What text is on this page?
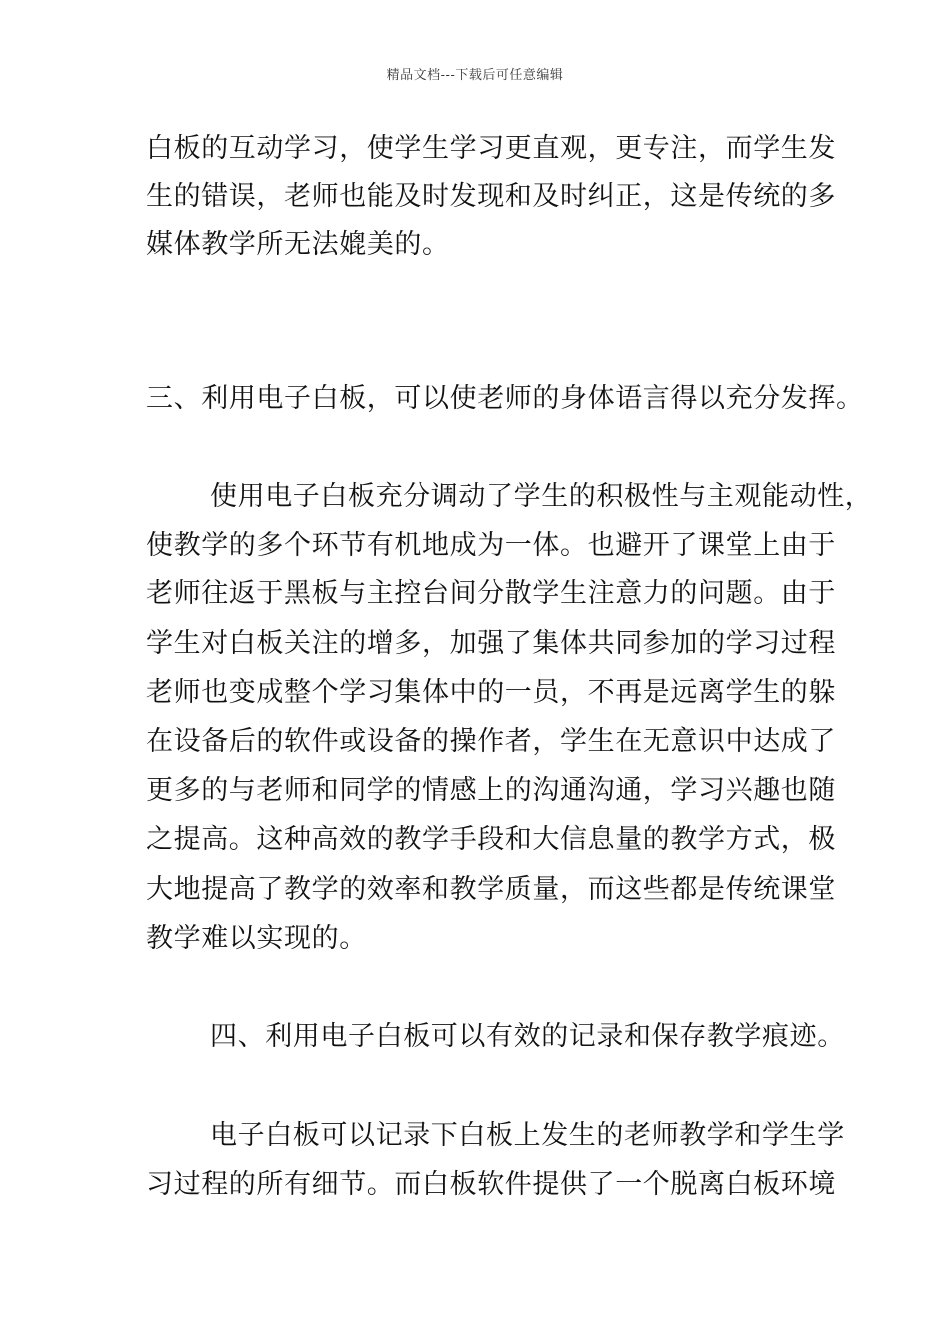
精品文档---下载后可任意编辑
白板的互动学习，使学生学习更直观，更专注，而学生发
生的错误，老师也能及时发现和及时纠正，这是传统的多
媒体教学所无法媲美的。
三、利用电子白板，可以使老师的身体语言得以充分发挥。
使用电子白板充分调动了学生的积极性与主观能动性，
使教学的多个环节有机地成为一体。也避开了课堂上由于
老师往返于黑板与主控台间分散学生注意力的问题。由于
学生对白板关注的增多，加强了集体共同参加的学习过程
老师也变成整个学习集体中的一员，不再是远离学生的躲
在设备后的软件或设备的操作者，学生在无意识中达成了
更多的与老师和同学的情感上的沟通沟通，学习兴趣也随
之提高。这种高效的教学手段和大信息量的教学方式，极
大地提高了教学的效率和教学质量，而这些都是传统课堂
教学难以实现的。
四、利用电子白板可以有效的记录和保存教学痕迹。
电子白板可以记录下白板上发生的老师教学和学生学
习过程的所有细节。而白板软件提供了一个脱离白板环境
